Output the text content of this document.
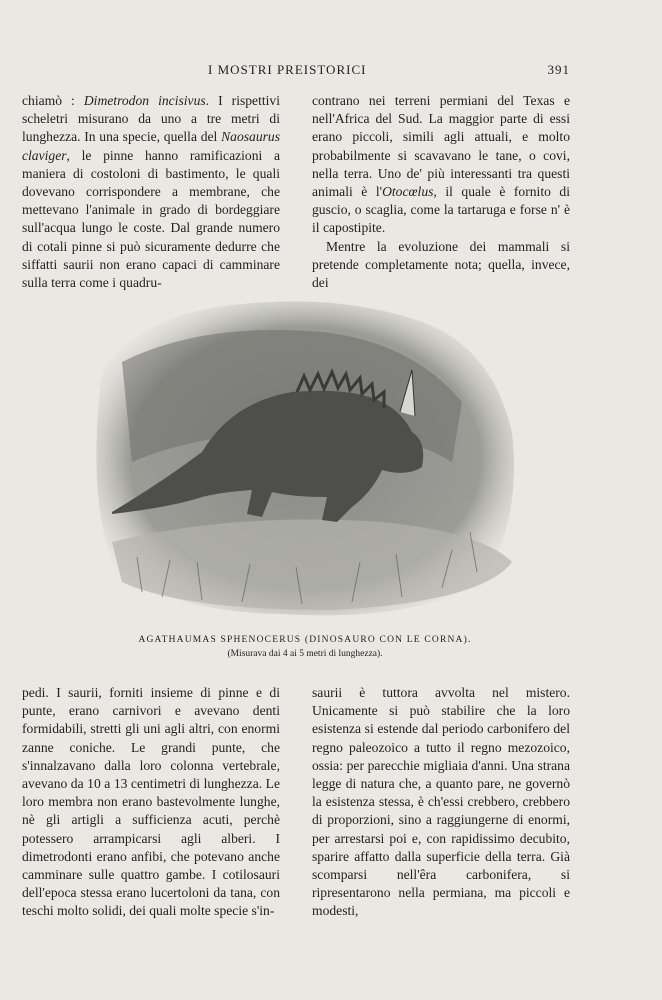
I MOSTRI PREISTORICI	391

chiamò : Dimetrodon incisivus. I rispettivi scheletri misurano da uno a tre metri di lunghezza. In una specie, quella del Naosaurus claviger, le pinne hanno ramificazioni a maniera di costoloni di bastimento, le quali dovevano corrispondere a membrane, che mettevano l'animale in grado di bordeggiare sull'acqua lungo le coste. Dal grande numero di cotali pinne si può sicuramente dedurre che siffatti saurii non erano capaci di camminare sulla terra come i quadru-

contrano nei terreni permiani del Texas e nell'Africa del Sud. La maggior parte di essi erano piccoli, simili agli attuali, e molto probabilmente si scavavano le tane, o covi, nella terra. Uno de' più interessanti tra questi animali è l'Otocœlus, il quale è fornito di guscio, o scaglia, come la tartaruga e forse n' è il capostipite.

Mentre la evoluzione dei mammali si pretende completamente nota; quella, invece, dei

AGATHAUMAS SPHENOCERUS (DINOSAURO CON LE CORNA).
(Misurava dai 4 ai 5 metri di lunghezza).

pedi. I saurii, forniti insieme di pinne e di punte, erano carnivori e avevano denti formidabili, stretti gli uni agli altri, con enormi zanne coniche. Le grandi punte, che s'innalzavano dalla loro colonna vertebrale, avevano da 10 a 13 centimetri di lunghezza. Le loro membra non erano bastevolmente lunghe, nè gli artigli a sufficienza acuti, perchè potessero arrampicarsi agli alberi. I dimetrodonti erano anfibi, che potevano anche camminare sulle quattro gambe. I cotilosauri dell'epoca stessa erano lucertoloni da tana, con teschi molto solidi, dei quali molte specie s'in-

saurii è tuttora avvolta nel mistero. Unicamente si può stabilire che la loro esistenza si estende dal periodo carbonifero del regno paleozoico a tutto il regno mezozoico, ossia: per parecchie migliaia d'anni. Una strana legge di natura che, a quanto pare, ne governò la esistenza stessa, è ch'essi crebbero, crebbero di proporzioni, sino a raggiungerne di enormi, per arrestarsi poi e, con rapidissimo decubito, sparire affatto dalla superficie della terra. Già scomparsi nell'êra carbonifera, si ripresentarono nella permiana, ma piccoli e modesti,
